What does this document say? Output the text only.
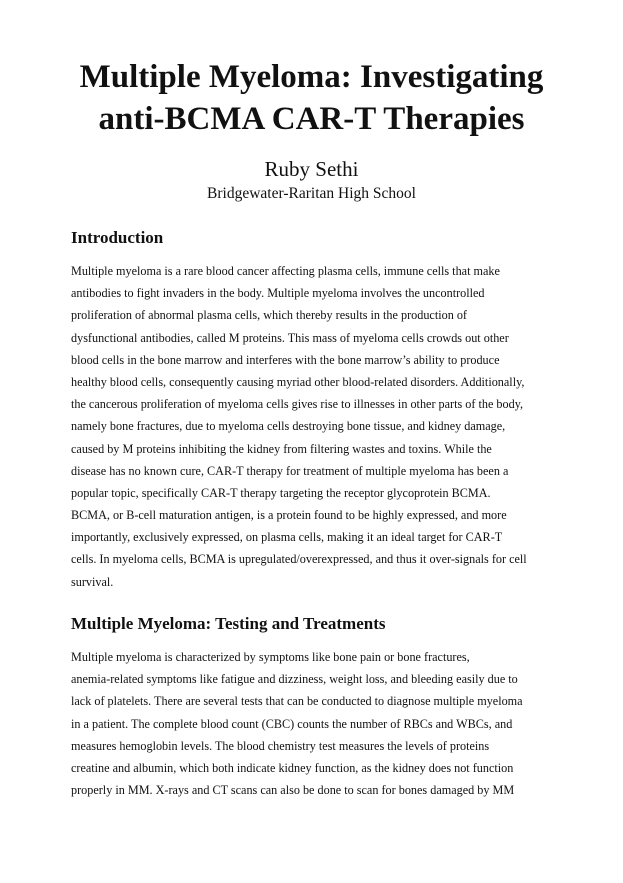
Multiple Myeloma: Investigating
anti-BCMA CAR-T Therapies

Ruby Sethi

Bridgewater-Raritan High School

Introduction
Multiple myeloma is a rare blood cancer affecting plasma cells, immune cells that make
antibodies to fight invaders in the body. Multiple myeloma involves the uncontrolled
proliferation of abnormal plasma cells, which thereby results in the production of
dysfunctional antibodies, called M proteins. This mass of myeloma cells crowds out other
blood cells in the bone marrow and interferes with the bone marrow’s ability to produce
healthy blood cells, consequently causing myriad other blood-related disorders. Additionally,
the cancerous proliferation of myeloma cells gives rise to illnesses in other parts of the body,
namely bone fractures, due to myeloma cells destroying bone tissue, and kidney damage,
caused by M proteins inhibiting the kidney from filtering wastes and toxins. While the
disease has no known cure, CAR-T therapy for treatment of multiple myeloma has been a
popular topic, specifically CAR-T therapy targeting the receptor glycoprotein BCMA.
BCMA, or B-cell maturation antigen, is a protein found to be highly expressed, and more
importantly, exclusively expressed, on plasma cells, making it an ideal target for CAR-T
cells. In myeloma cells, BCMA is upregulated/overexpressed, and thus it over-signals for cell
survival.
Multiple Myeloma: Testing and Treatments
Multiple myeloma is characterized by symptoms like bone pain or bone fractures,
anemia-related symptoms like fatigue and dizziness, weight loss, and bleeding easily due to
lack of platelets. There are several tests that can be conducted to diagnose multiple myeloma
in a patient. The complete blood count (CBC) counts the number of RBCs and WBCs, and
measures hemoglobin levels. The blood chemistry test measures the levels of proteins
creatine and albumin, which both indicate kidney function, as the kidney does not function
properly in MM. X-rays and CT scans can also be done to scan for bones damaged by MM
